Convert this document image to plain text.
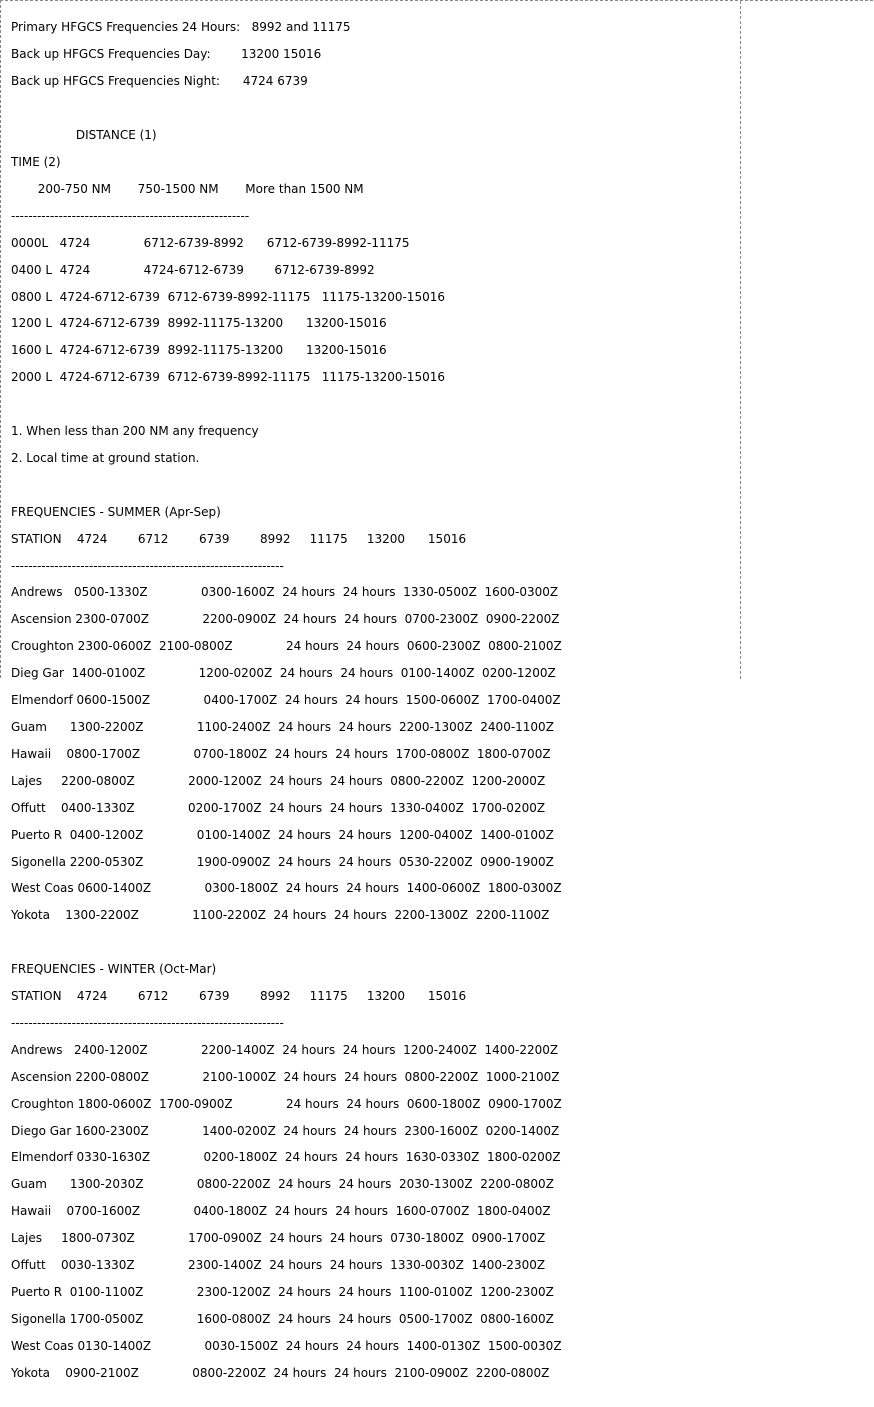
Primary HFGCS Frequencies 24 Hours:   8992 and 11175

Back up HFGCS Frequencies Day:        13200 15016

Back up HFGCS Frequencies Night:      4724 6739

DISTANCE (1)

TIME (2)

200-750 NM       750-1500 NM       More than 1500 NM

-------------------------------------------------------

0000L   4724              6712-6739-8992      6712-6739-8992-11175

0400 L  4724              4724-6712-6739        6712-6739-8992

0800 L  4724-6712-6739  6712-6739-8992-11175   11175-13200-15016

1200 L  4724-6712-6739  8992-11175-13200      13200-15016

1600 L  4724-6712-6739  8992-11175-13200      13200-15016

2000 L  4724-6712-6739  6712-6739-8992-11175   11175-13200-15016

1. When less than 200 NM any frequency

2. Local time at ground station.

FREQUENCIES - SUMMER (Apr-Sep)

STATION    4724        6712        6739        8992     11175     13200      15016

---------------------------------------------------------------

Andrews   0500-1330Z              0300-1600Z  24 hours  24 hours  1330-0500Z  1600-0300Z

Ascension 2300-0700Z              2200-0900Z  24 hours  24 hours  0700-2300Z  0900-2200Z

Croughton 2300-0600Z  2100-0800Z              24 hours  24 hours  0600-2300Z  0800-2100Z

Dieg Gar  1400-0100Z              1200-0200Z  24 hours  24 hours  0100-1400Z  0200-1200Z

Elmendorf 0600-1500Z              0400-1700Z  24 hours  24 hours  1500-0600Z  1700-0400Z

Guam      1300-2200Z              1100-2400Z  24 hours  24 hours  2200-1300Z  2400-1100Z

Hawaii    0800-1700Z              0700-1800Z  24 hours  24 hours  1700-0800Z  1800-0700Z

Lajes     2200-0800Z              2000-1200Z  24 hours  24 hours  0800-2200Z  1200-2000Z

Offutt    0400-1330Z              0200-1700Z  24 hours  24 hours  1330-0400Z  1700-0200Z

Puerto R  0400-1200Z              0100-1400Z  24 hours  24 hours  1200-0400Z  1400-0100Z

Sigonella 2200-0530Z              1900-0900Z  24 hours  24 hours  0530-2200Z  0900-1900Z

West Coas 0600-1400Z              0300-1800Z  24 hours  24 hours  1400-0600Z  1800-0300Z

Yokota    1300-2200Z              1100-2200Z  24 hours  24 hours  2200-1300Z  2200-1100Z

FREQUENCIES - WINTER (Oct-Mar)

STATION    4724        6712        6739        8992     11175     13200      15016

---------------------------------------------------------------

Andrews   2400-1200Z              2200-1400Z  24 hours  24 hours  1200-2400Z  1400-2200Z

Ascension 2200-0800Z              2100-1000Z  24 hours  24 hours  0800-2200Z  1000-2100Z

Croughton 1800-0600Z  1700-0900Z              24 hours  24 hours  0600-1800Z  0900-1700Z

Diego Gar 1600-2300Z              1400-0200Z  24 hours  24 hours  2300-1600Z  0200-1400Z

Elmendorf 0330-1630Z              0200-1800Z  24 hours  24 hours  1630-0330Z  1800-0200Z

Guam      1300-2030Z              0800-2200Z  24 hours  24 hours  2030-1300Z  2200-0800Z

Hawaii    0700-1600Z              0400-1800Z  24 hours  24 hours  1600-0700Z  1800-0400Z

Lajes     1800-0730Z              1700-0900Z  24 hours  24 hours  0730-1800Z  0900-1700Z

Offutt    0030-1330Z              2300-1400Z  24 hours  24 hours  1330-0030Z  1400-2300Z

Puerto R  0100-1100Z              2300-1200Z  24 hours  24 hours  1100-0100Z  1200-2300Z

Sigonella 1700-0500Z              1600-0800Z  24 hours  24 hours  0500-1700Z  0800-1600Z

West Coas 0130-1400Z              0030-1500Z  24 hours  24 hours  1400-0130Z  1500-0030Z

Yokota    0900-2100Z              0800-2200Z  24 hours  24 hours  2100-0900Z  2200-0800Z
